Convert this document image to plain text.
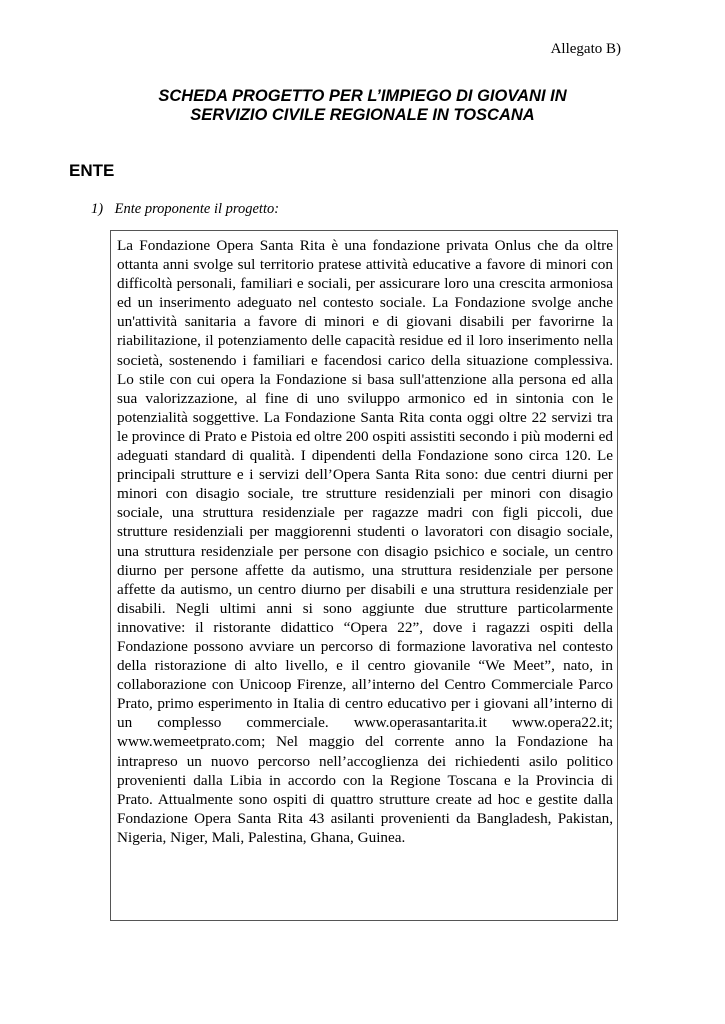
Allegato B)
SCHEDA PROGETTO PER L’IMPIEGO DI GIOVANI IN
SERVIZIO CIVILE REGIONALE IN TOSCANA
ENTE
1) Ente proponente il progetto:

La Fondazione Opera Santa Rita è una fondazione privata Onlus che da oltre ottanta anni svolge sul territorio pratese attività educative a favore di minori con difficoltà personali, familiari e sociali, per assicurare loro una crescita armoniosa ed un inserimento adeguato nel contesto sociale. La Fondazione svolge anche un'attività sanitaria a favore di minori e di giovani disabili per favorirne la riabilitazione, il potenziamento delle capacità residue ed il loro inserimento nella società, sostenendo i familiari e facendosi carico della situazione complessiva. Lo stile con cui opera la Fondazione si basa sull'attenzione alla persona ed alla sua valorizzazione, al fine di uno sviluppo armonico ed in sintonia con le potenzialità soggettive. La Fondazione Santa Rita conta oggi oltre 22 servizi tra le province di Prato e Pistoia ed oltre 200 ospiti assistiti secondo i più moderni ed adeguati standard di qualità. I dipendenti della Fondazione sono circa 120. Le principali strutture e i servizi dell’Opera Santa Rita sono: due centri diurni per minori con disagio sociale, tre strutture residenziali per minori con disagio sociale, una struttura residenziale per ragazze madri con figli piccoli, due strutture residenziali per maggiorenni studenti o lavoratori con disagio sociale, una struttura residenziale per persone con disagio psichico e sociale, un centro diurno per persone affette da autismo, una struttura residenziale per persone affette da autismo, un centro diurno per disabili e una struttura residenziale per disabili. Negli ultimi anni si sono aggiunte due strutture particolarmente innovative: il ristorante didattico “Opera 22”, dove i ragazzi ospiti della Fondazione possono avviare un percorso di formazione lavorativa nel contesto della ristorazione di alto livello, e il centro giovanile “We Meet”, nato, in collaborazione con Unicoop Firenze, all’interno del Centro Commerciale Parco Prato, primo esperimento in Italia di centro educativo per i giovani all’interno di un complesso commerciale. www.operasantarita.it www.opera22.it; www.wemeetprato.com; Nel maggio del corrente anno la Fondazione ha intrapreso un nuovo percorso nell’accoglienza dei richiedenti asilo politico provenienti dalla Libia in accordo con la Regione Toscana e la Provincia di Prato. Attualmente sono ospiti di quattro strutture create ad hoc e gestite dalla Fondazione Opera Santa Rita 43 asilanti provenienti da Bangladesh, Pakistan, Nigeria, Niger, Mali, Palestina, Ghana, Guinea.
